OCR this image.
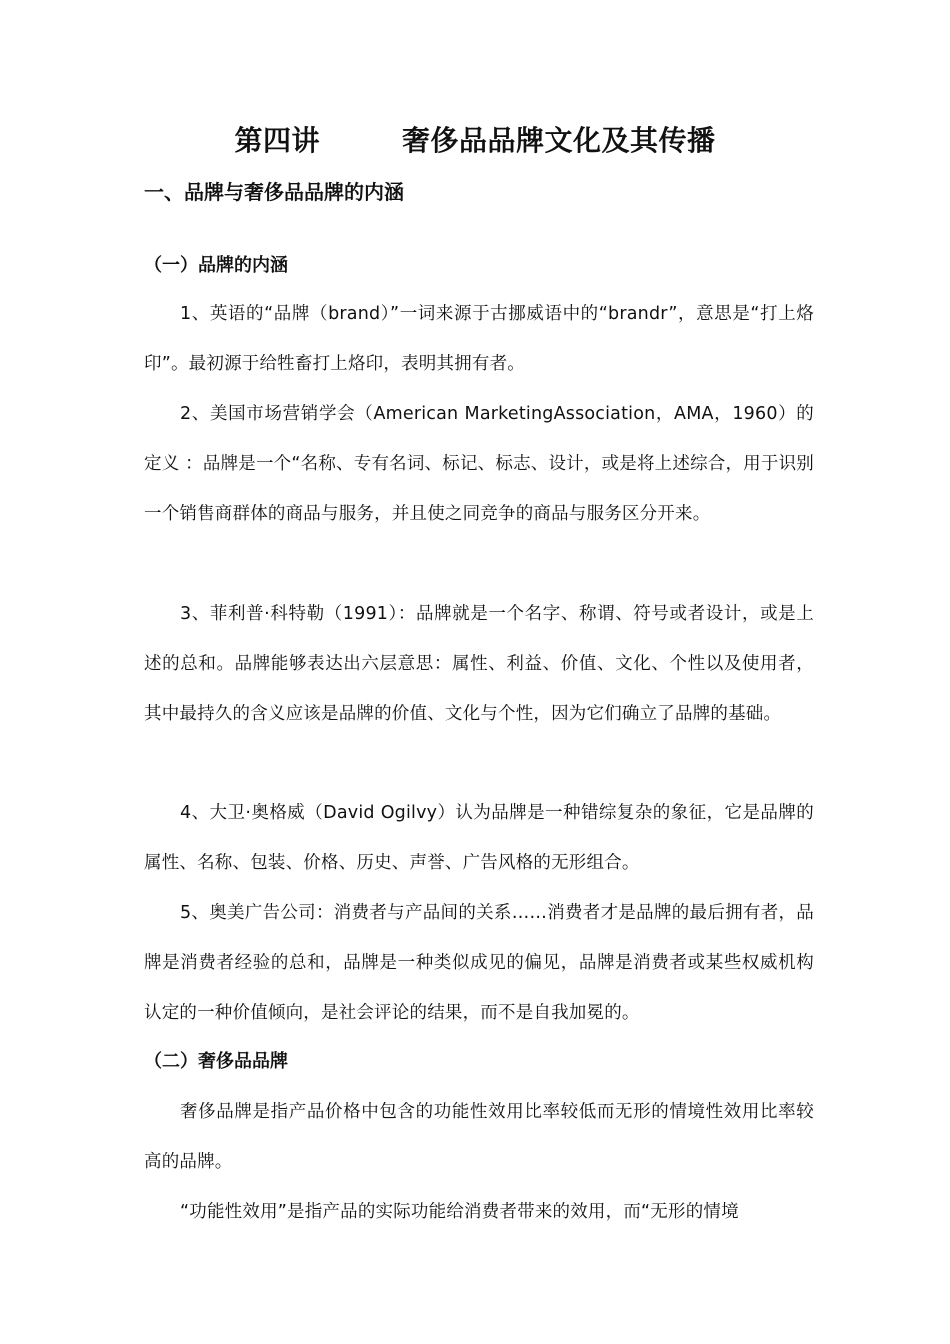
第四讲        奢侈品品牌文化及其传播
一、品牌与奢侈品品牌的内涵
（一）品牌的内涵
1、英语的“品牌（brand）”一词来源于古挪威语中的“brandr”，意思是“打上烙印”。最初源于给牲畜打上烙印，表明其拥有者。
2、美国市场营销学会（American MarketingAssociation，AMA，1960）的定义 ：品牌是一个“名称、专有名词、标记、标志、设计，或是将上述综合，用于识别一个销售商群体的商品与服务，并且使之同竞争的商品与服务区分开来。
3、菲利普·科特勒（1991）：品牌就是一个名字、称谓、符号或者设计，或是上述的总和。品牌能够表达出六层意思：属性、利益、价值、文化、个性以及使用者，其中最持久的含义应该是品牌的价值、文化与个性，因为它们确立了品牌的基础。
4、大卫·奥格威（David Ogilvy）认为品牌是一种错综复杂的象征，它是品牌的属性、名称、包装、价格、历史、声誉、广告风格的无形组合。
5、奥美广告公司：消费者与产品间的关系……消费者才是品牌的最后拥有者，品牌是消费者经验的总和，品牌是一种类似成见的偏见，品牌是消费者或某些权威机构认定的一种价值倾向，是社会评论的结果，而不是自我加冕的。
（二）奢侈品品牌
奢侈品牌是指产品价格中包含的功能性效用比率较低而无形的情境性效用比率较高的品牌。
“功能性效用”是指产品的实际功能给消费者带来的效用，而“无形的情境
